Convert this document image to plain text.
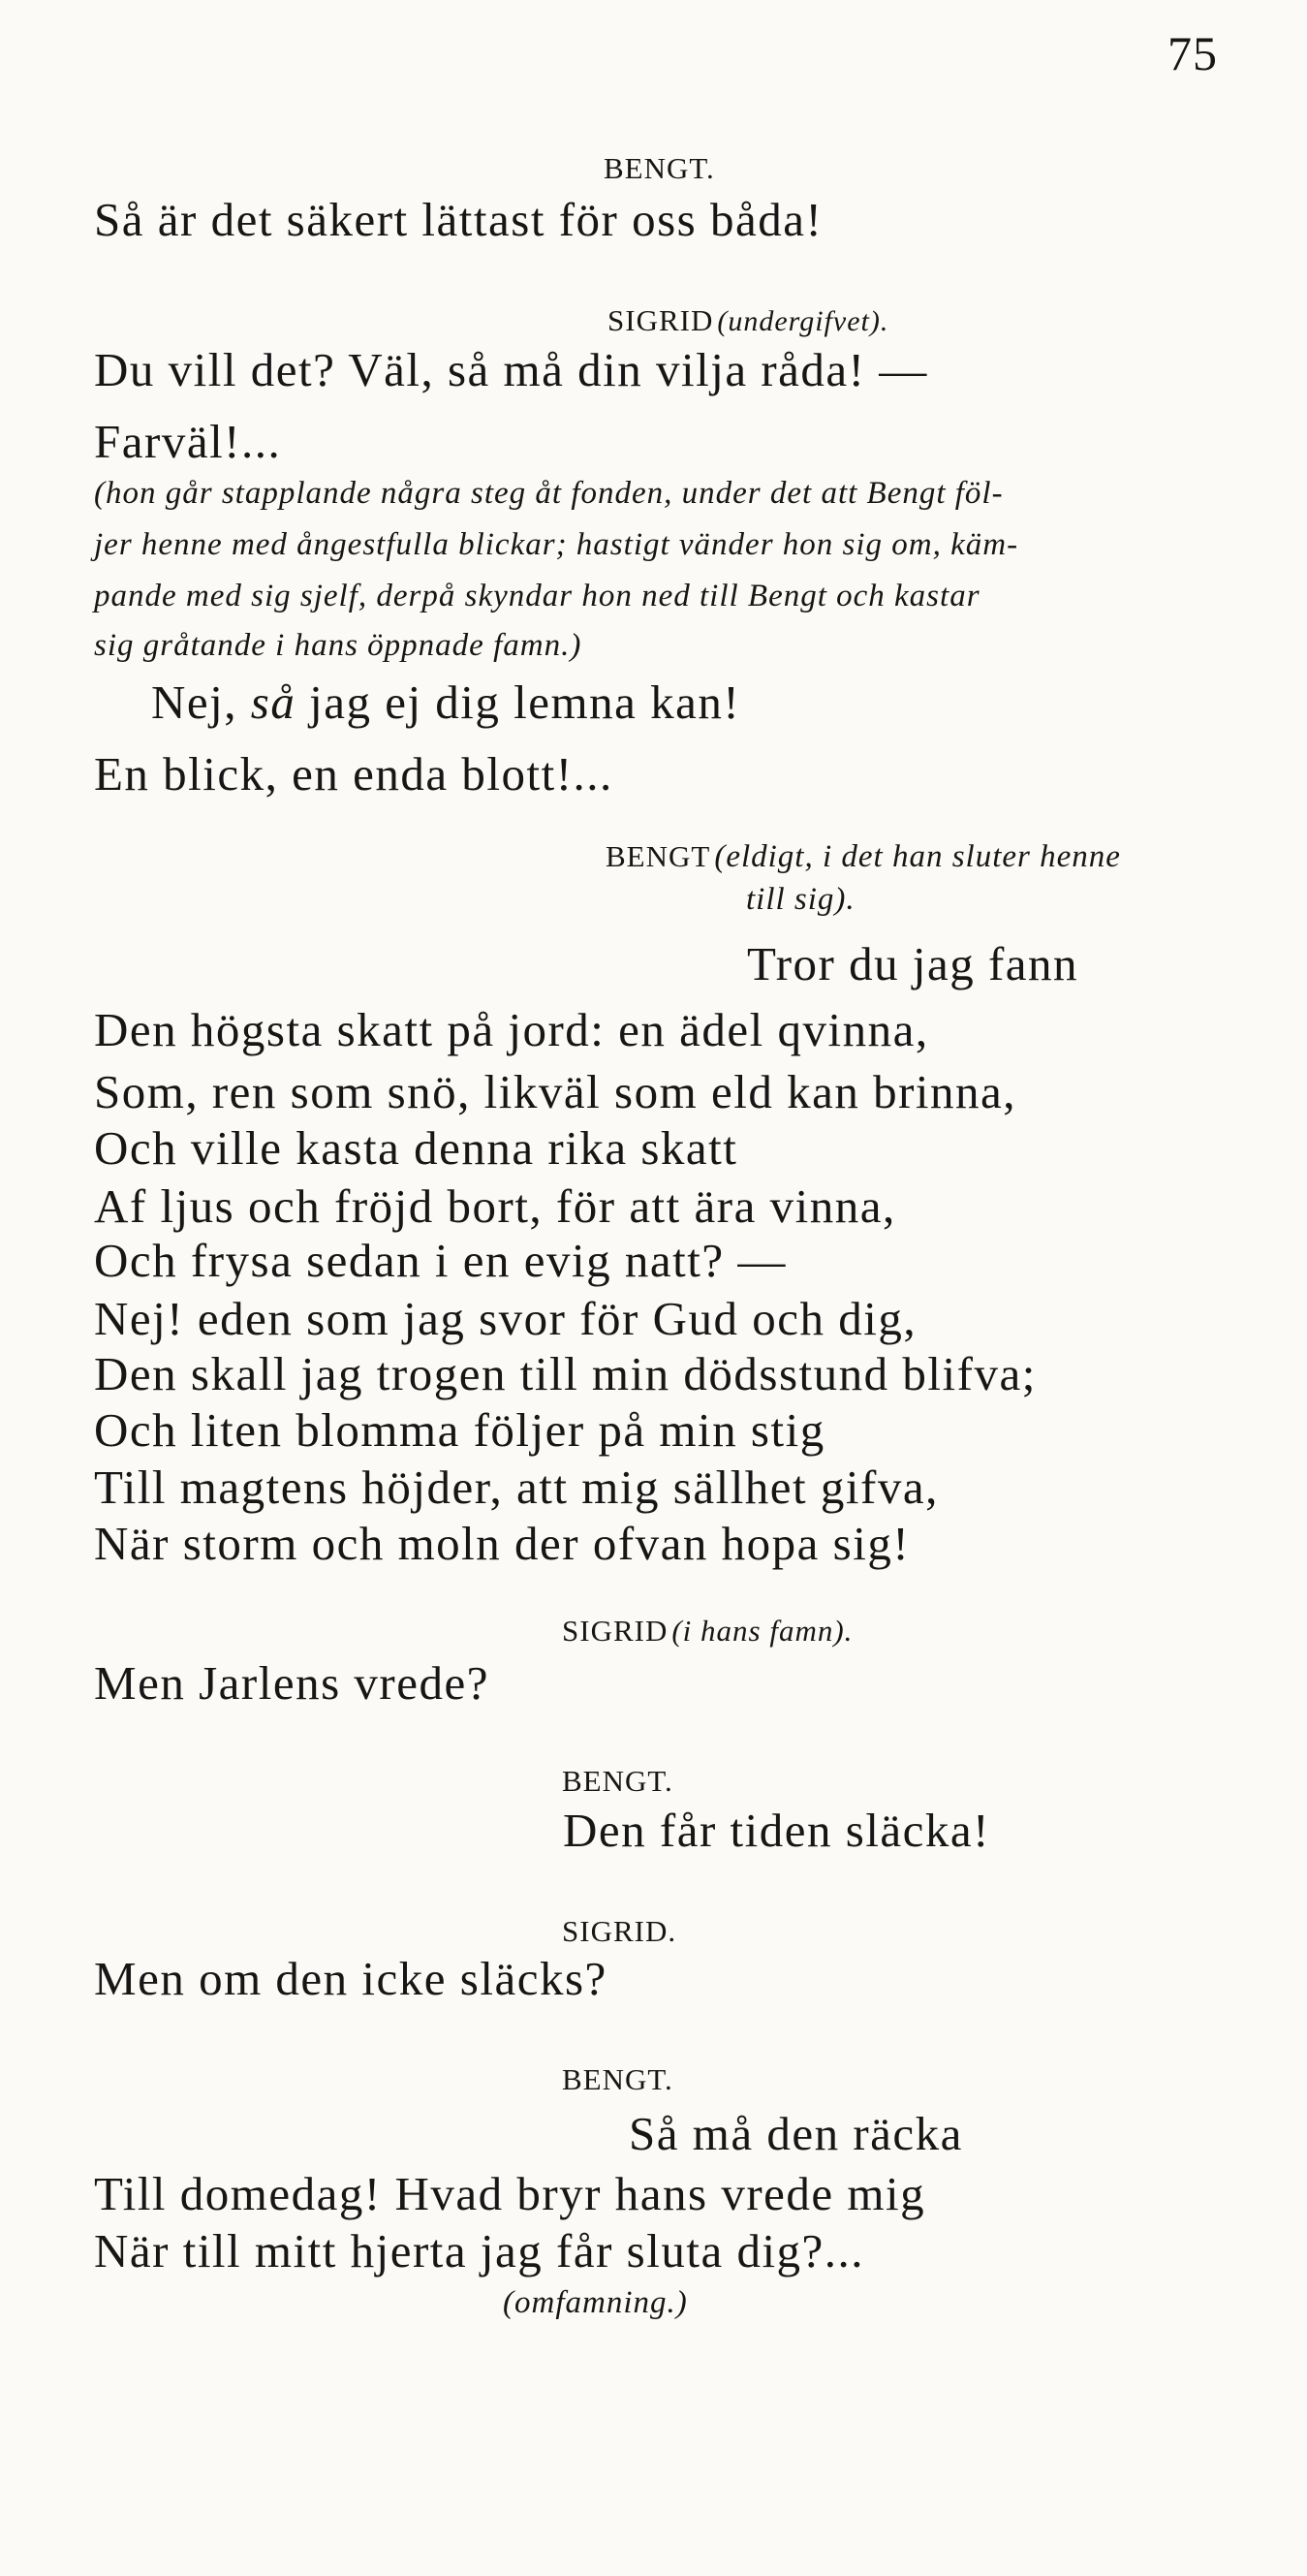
75
BENGT.
Så är det säkert lättast för oss båda!
SIGRID (undergifvet).
Du vill det? Väl, så må din vilja råda! —
Farväl!...
(hon går stapplande några steg åt fonden, under det att Bengt föl-
jer henne med ångestfulla blickar; hastigt vänder hon sig om, käm-
pande med sig sjelf, derpå skyndar hon ned till Bengt och kastar
sig gråtande i hans öppnade famn.)
Nej, så jag ej dig lemna kan!
En blick, en enda blott!...
BENGT (eldigt, i det han sluter henne
till sig).
Tror du jag fann
Den högsta skatt på jord: en ädel qvinna,
Som, ren som snö, likväl som eld kan brinna,
Och ville kasta denna rika skatt
Af ljus och fröjd bort, för att ära vinna,
Och frysa sedan i en evig natt? —
Nej! eden som jag svor för Gud och dig,
Den skall jag trogen till min dödsstund blifva;
Och liten blomma följer på min stig
Till magtens höjder, att mig sällhet gifva,
När storm och moln der ofvan hopa sig!
SIGRID (i hans famn).
Men Jarlens vrede?
BENGT.
Den får tiden släcka!
SIGRID.
Men om den icke släcks?
BENGT.
Så må den räcka
Till domedag! Hvad bryr hans vrede mig
När till mitt hjerta jag får sluta dig?...
(omfamning.)
